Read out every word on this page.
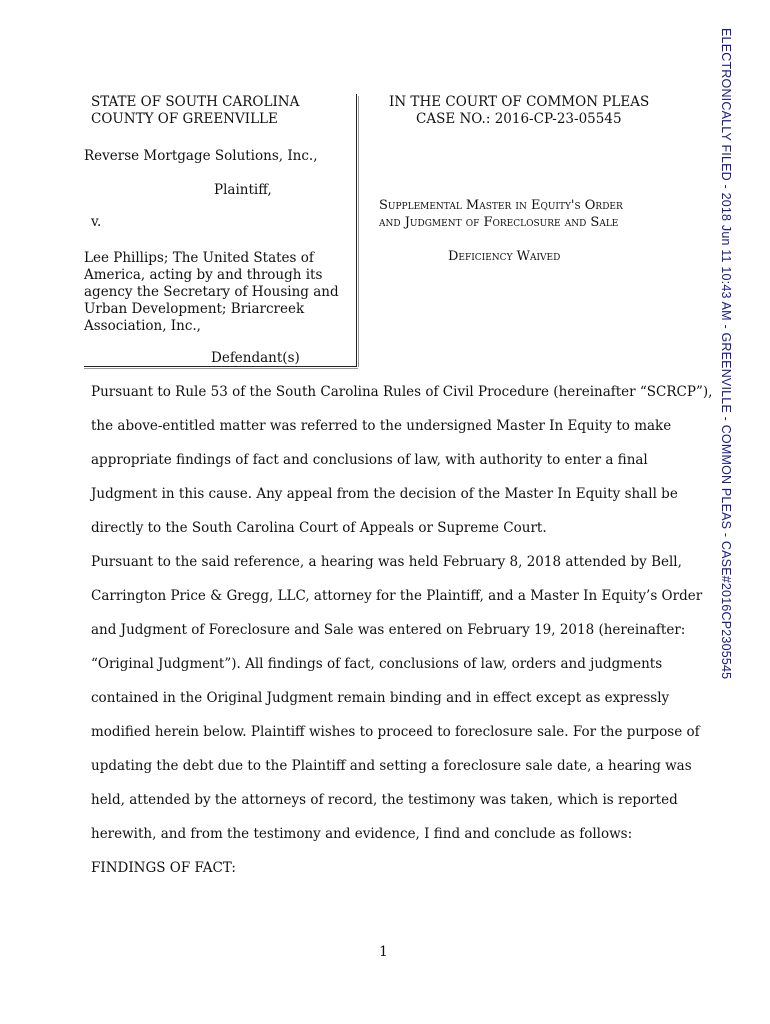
STATE OF SOUTH CAROLINA
COUNTY OF GREENVILLE
Reverse Mortgage Solutions, Inc.,
Plaintiff,
v.
Lee Phillips; The United States of
America, acting by and through its
agency the Secretary of Housing and
Urban Development; Briarcreek
Association, Inc.,
Defendant(s)
IN THE COURT OF COMMON PLEAS
CASE NO.: 2016-CP-23-05545
Supplemental Master in Equity's Order
and Judgment of Foreclosure and Sale
Deficiency Waived
Pursuant to Rule 53 of the South Carolina Rules of Civil Procedure (hereinafter “SCRCP”),
the above-entitled matter was referred to the undersigned Master In Equity to make
appropriate findings of fact and conclusions of law, with authority to enter a final
Judgment in this cause. Any appeal from the decision of the Master In Equity shall be
directly to the South Carolina Court of Appeals or Supreme Court.
Pursuant to the said reference, a hearing was held February 8, 2018 attended by Bell,
Carrington Price & Gregg, LLC, attorney for the Plaintiff, and a Master In Equity’s Order
and Judgment of Foreclosure and Sale was entered on February 19, 2018 (hereinafter:
“Original Judgment”). All findings of fact, conclusions of law, orders and judgments
contained in the Original Judgment remain binding and in effect except as expressly
modified herein below. Plaintiff wishes to proceed to foreclosure sale. For the purpose of
updating the debt due to the Plaintiff and setting a foreclosure sale date, a hearing was
held, attended by the attorneys of record, the testimony was taken, which is reported
herewith, and from the testimony and evidence, I find and conclude as follows:
FINDINGS OF FACT:
1
ELECTRONICALLY FILED - 2018 Jun 11 10:43 AM - GREENVILLE - COMMON PLEAS - CASE#2016CP2305545
